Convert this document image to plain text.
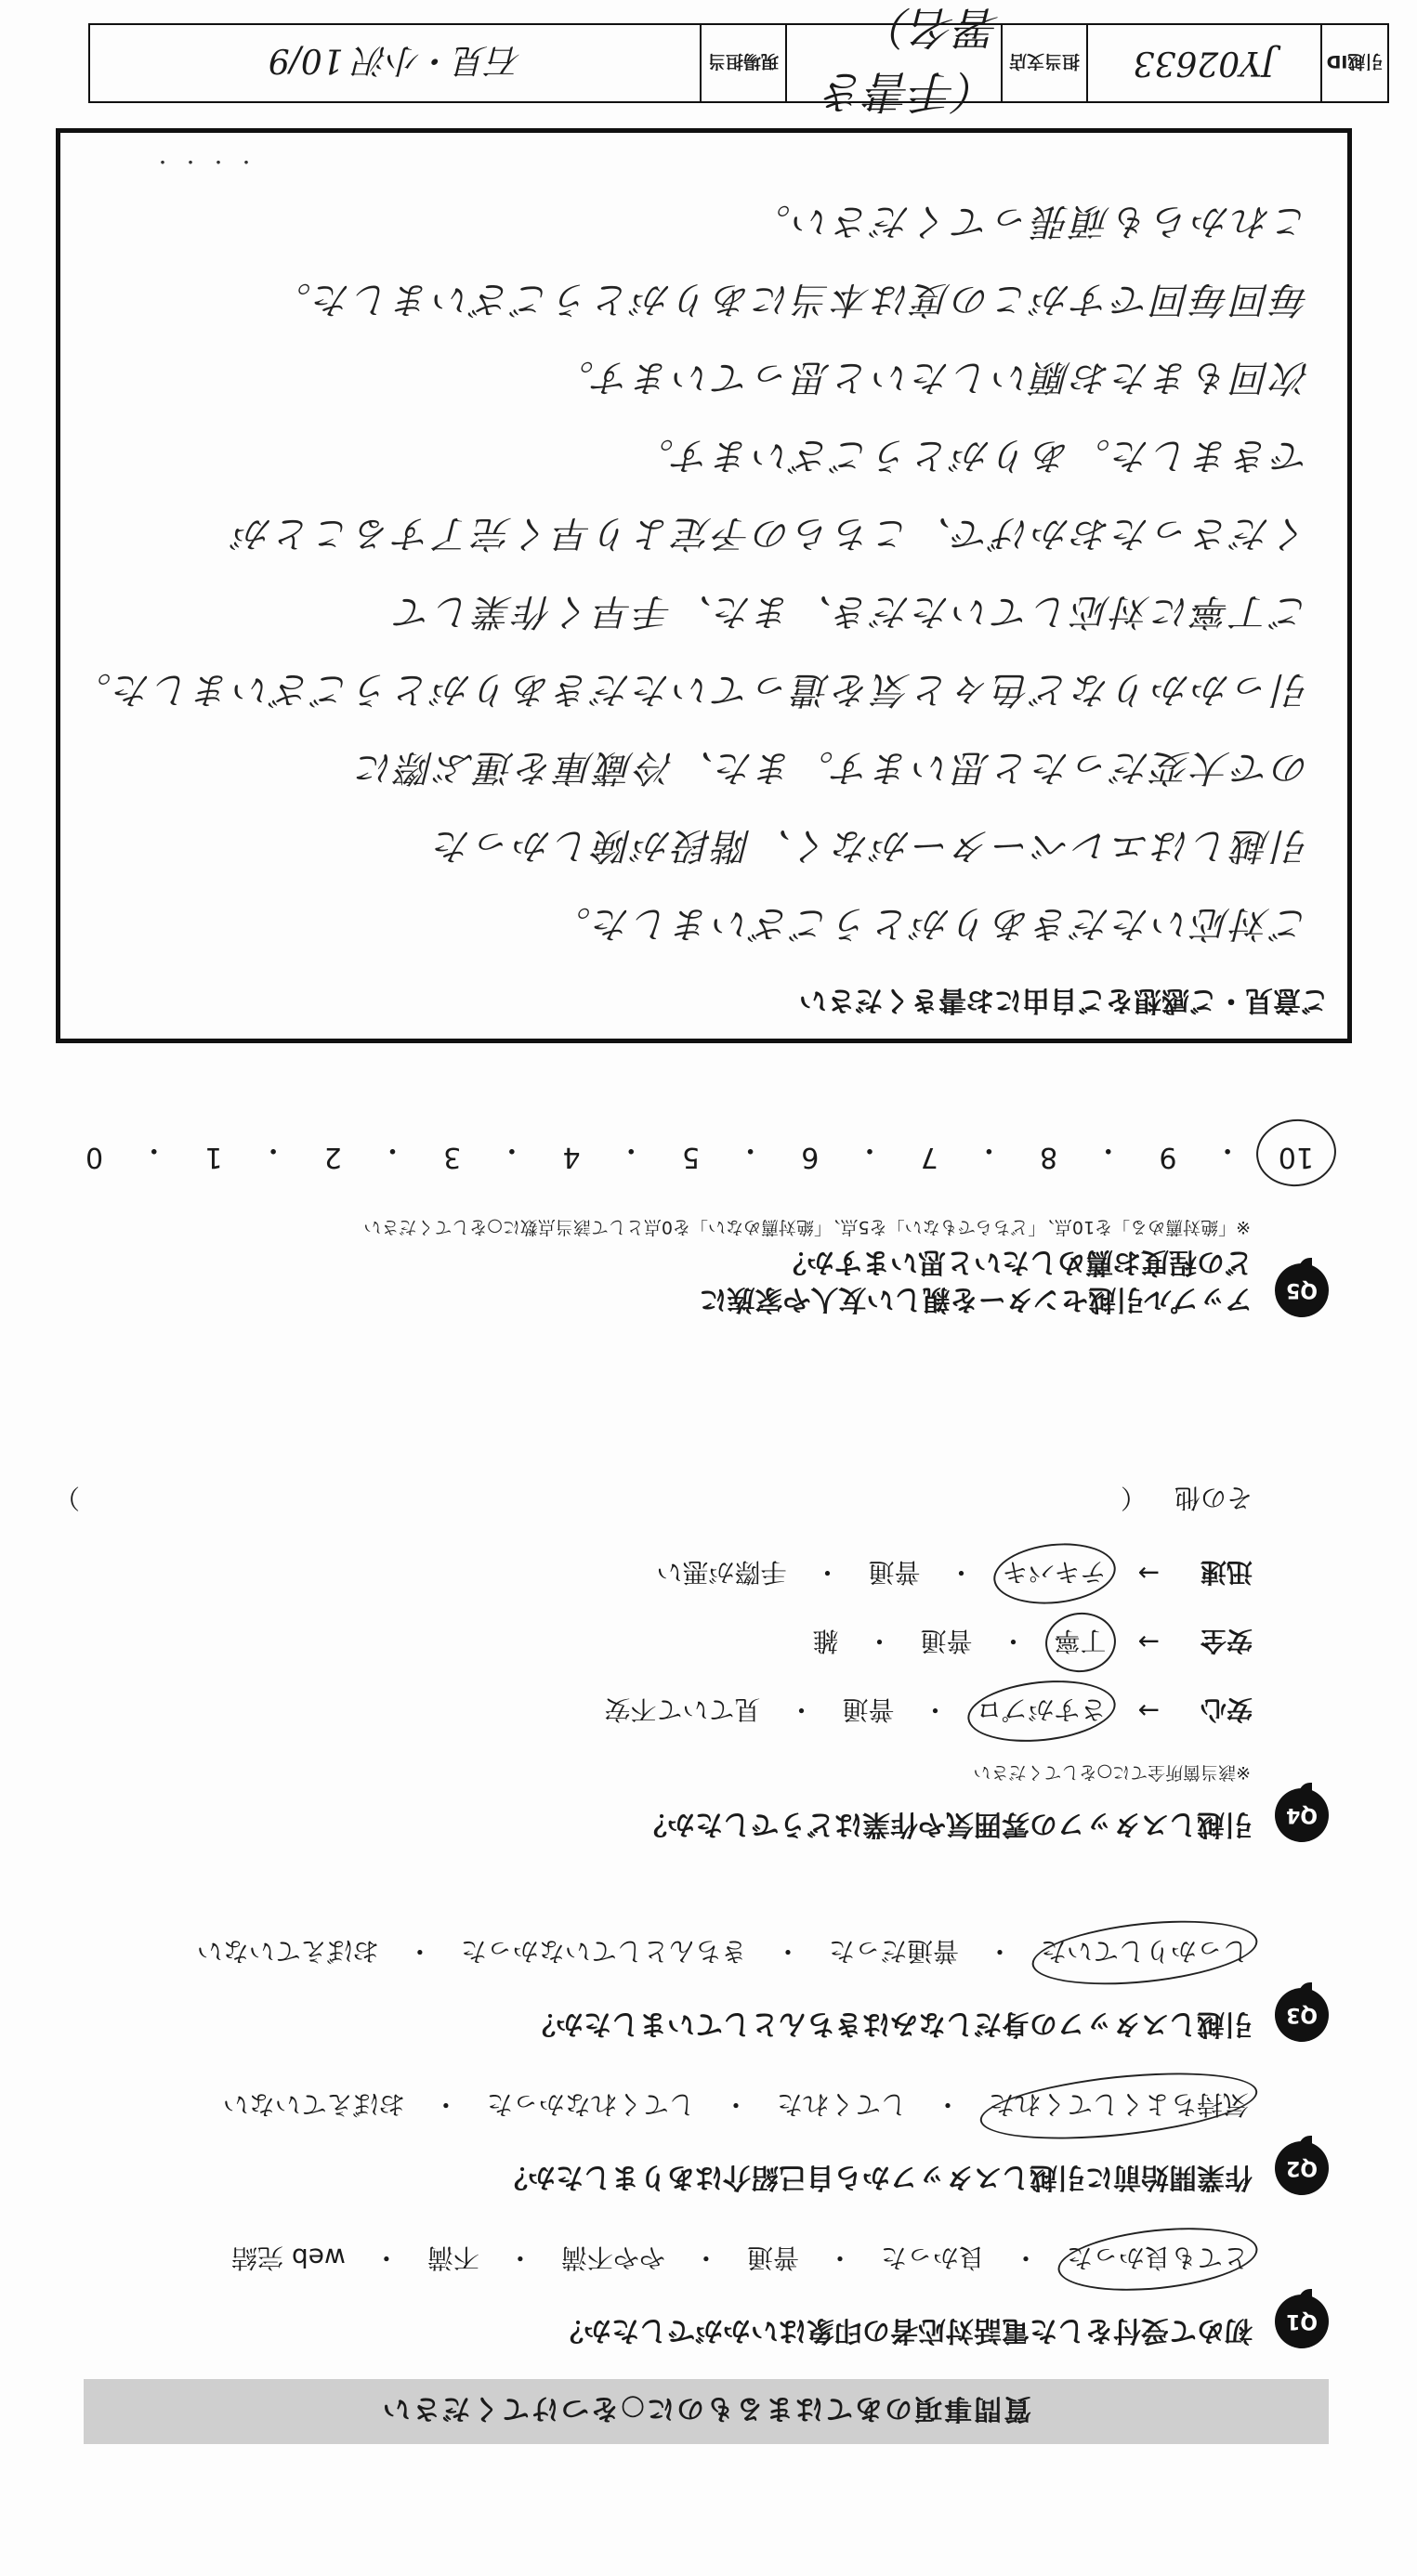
質問事項のあてはまるものに○をつけてください
Q1
初めて受付をした電話対応者の印象はいかがでしたか？
とても良かった
・
良かった
・
普通
・
やや不満
・
不満
・
web 完結
Q2
作業開始前に引越しスタッフから自己紹介はありましたか？
気持ちよくしてくれた
・
してくれた
・
してくれなかった
・
おぼえていない
Q3
引越しスタッフの身だしなみはきちんとしていましたか？
しっかりしていた
・
普通だった
・
きちんとしていなかった
・
おぼえていない
Q4
引越しスタッフの雰囲気や作業はどうでしたか？
※該当箇所全てに○をしてください
安心
→
さすがプロ
・
普通
・
見ていて不安
安全
→
丁寧
・
普通
・
雑
迅速
→
テキパキ
・
普通
・
手際が悪い
その他（　　　　　　　　　　　　　　　　　　　　　　　　　　　　　　　　　　　　　　　　）
Q5
アップル引越センターを親しい友人や家族に
どの程度お薦めしたいと思いますか？
※「絶対薦める」を10点、「どちらでもない」を5点、「絶対薦めない」を0点として該当点数に○をしてください
10
・
9
・
8
・
7
・
6
・
5
・
4
・
3
・
2
・
1
・
0
ご意見・ご感想をご自由にお書きください
ご対応いただきありがとうございました。
引越しはエレベーターがなく、階段が険しかった
ので大変だったと思います。また、冷蔵庫を運ぶ際に
引っかかりなど色々と気を遣っていただきありがとうございました。
ご丁寧に対応していただき、また、手早く作業して
くださったおかげで、こちらの予定より早く完了することが
できました。ありがとうございます。
次回もまたお願いしたいと思っています。
毎回毎回ですがこの度は本当にありがとうございました。
これからも頑張ってください。
・・・・
引越ID
JY02633
担当支店
（手書き署名）
現場担当
石見・小沢 10/9
